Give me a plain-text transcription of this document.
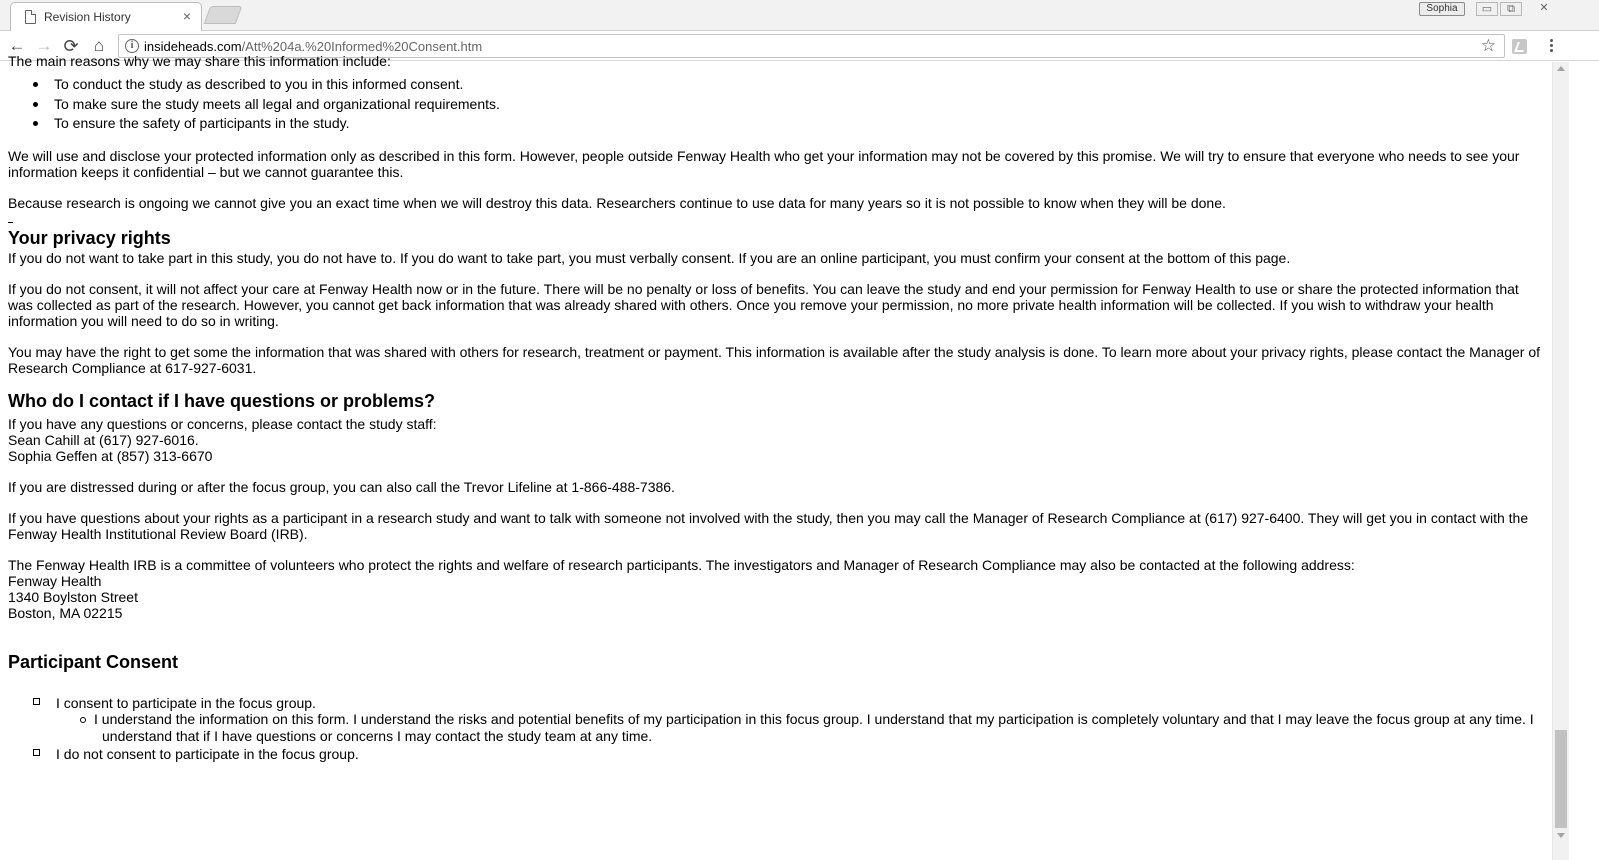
Revision History	×	Sophia	▭	⧉	✕
← → ⟳ ⌂	i insideheads.com/Att%204a.%20Informed%20Consent.htm	☆

The main reasons why we may share this information include:

To conduct the study as described to you in this informed consent.
To make sure the study meets all legal and organizational requirements.
To ensure the safety of participants in the study.

We will use and disclose your protected information only as described in this form. However, people outside Fenway Health who get your information may not be covered by this promise. We will try to ensure that everyone who needs to see your information keeps it confidential – but we cannot guarantee this.

Because research is ongoing we cannot give you an exact time when we will destroy this data. Researchers continue to use data for many years so it is not possible to know when they will be done.

Your privacy rights

If you do not want to take part in this study, you do not have to. If you do want to take part, you must verbally consent. If you are an online participant, you must confirm your consent at the bottom of this page.

If you do not consent, it will not affect your care at Fenway Health now or in the future. There will be no penalty or loss of benefits. You can leave the study and end your permission for Fenway Health to use or share the protected information that was collected as part of the research. However, you cannot get back information that was already shared with others. Once you remove your permission, no more private health information will be collected. If you wish to withdraw your health information you will need to do so in writing.

You may have the right to get some the information that was shared with others for research, treatment or payment. This information is available after the study analysis is done. To learn more about your privacy rights, please contact the Manager of Research Compliance at 617-927-6031.

Who do I contact if I have questions or problems?

If you have any questions or concerns, please contact the study staff:

Sean Cahill at (617) 927-6016.

Sophia Geffen at (857) 313-6670

If you are distressed during or after the focus group, you can also call the Trevor Lifeline at 1-866-488-7386.

If you have questions about your rights as a participant in a research study and want to talk with someone not involved with the study, then you may call the Manager of Research Compliance at (617) 927-6400. They will get you in contact with the Fenway Health Institutional Review Board (IRB).

The Fenway Health IRB is a committee of volunteers who protect the rights and welfare of research participants. The investigators and Manager of Research Compliance may also be contacted at the following address:

Fenway Health

1340 Boylston Street

Boston, MA 02215

Participant Consent
I consent to participate in the focus group.
I understand the information on this form. I understand the risks and potential benefits of my participation in this focus group. I understand that my participation is completely voluntary and that I may leave the focus group at any time. I understand that if I have questions or concerns I may contact the study team at any time.
I do not consent to participate in the focus group.
